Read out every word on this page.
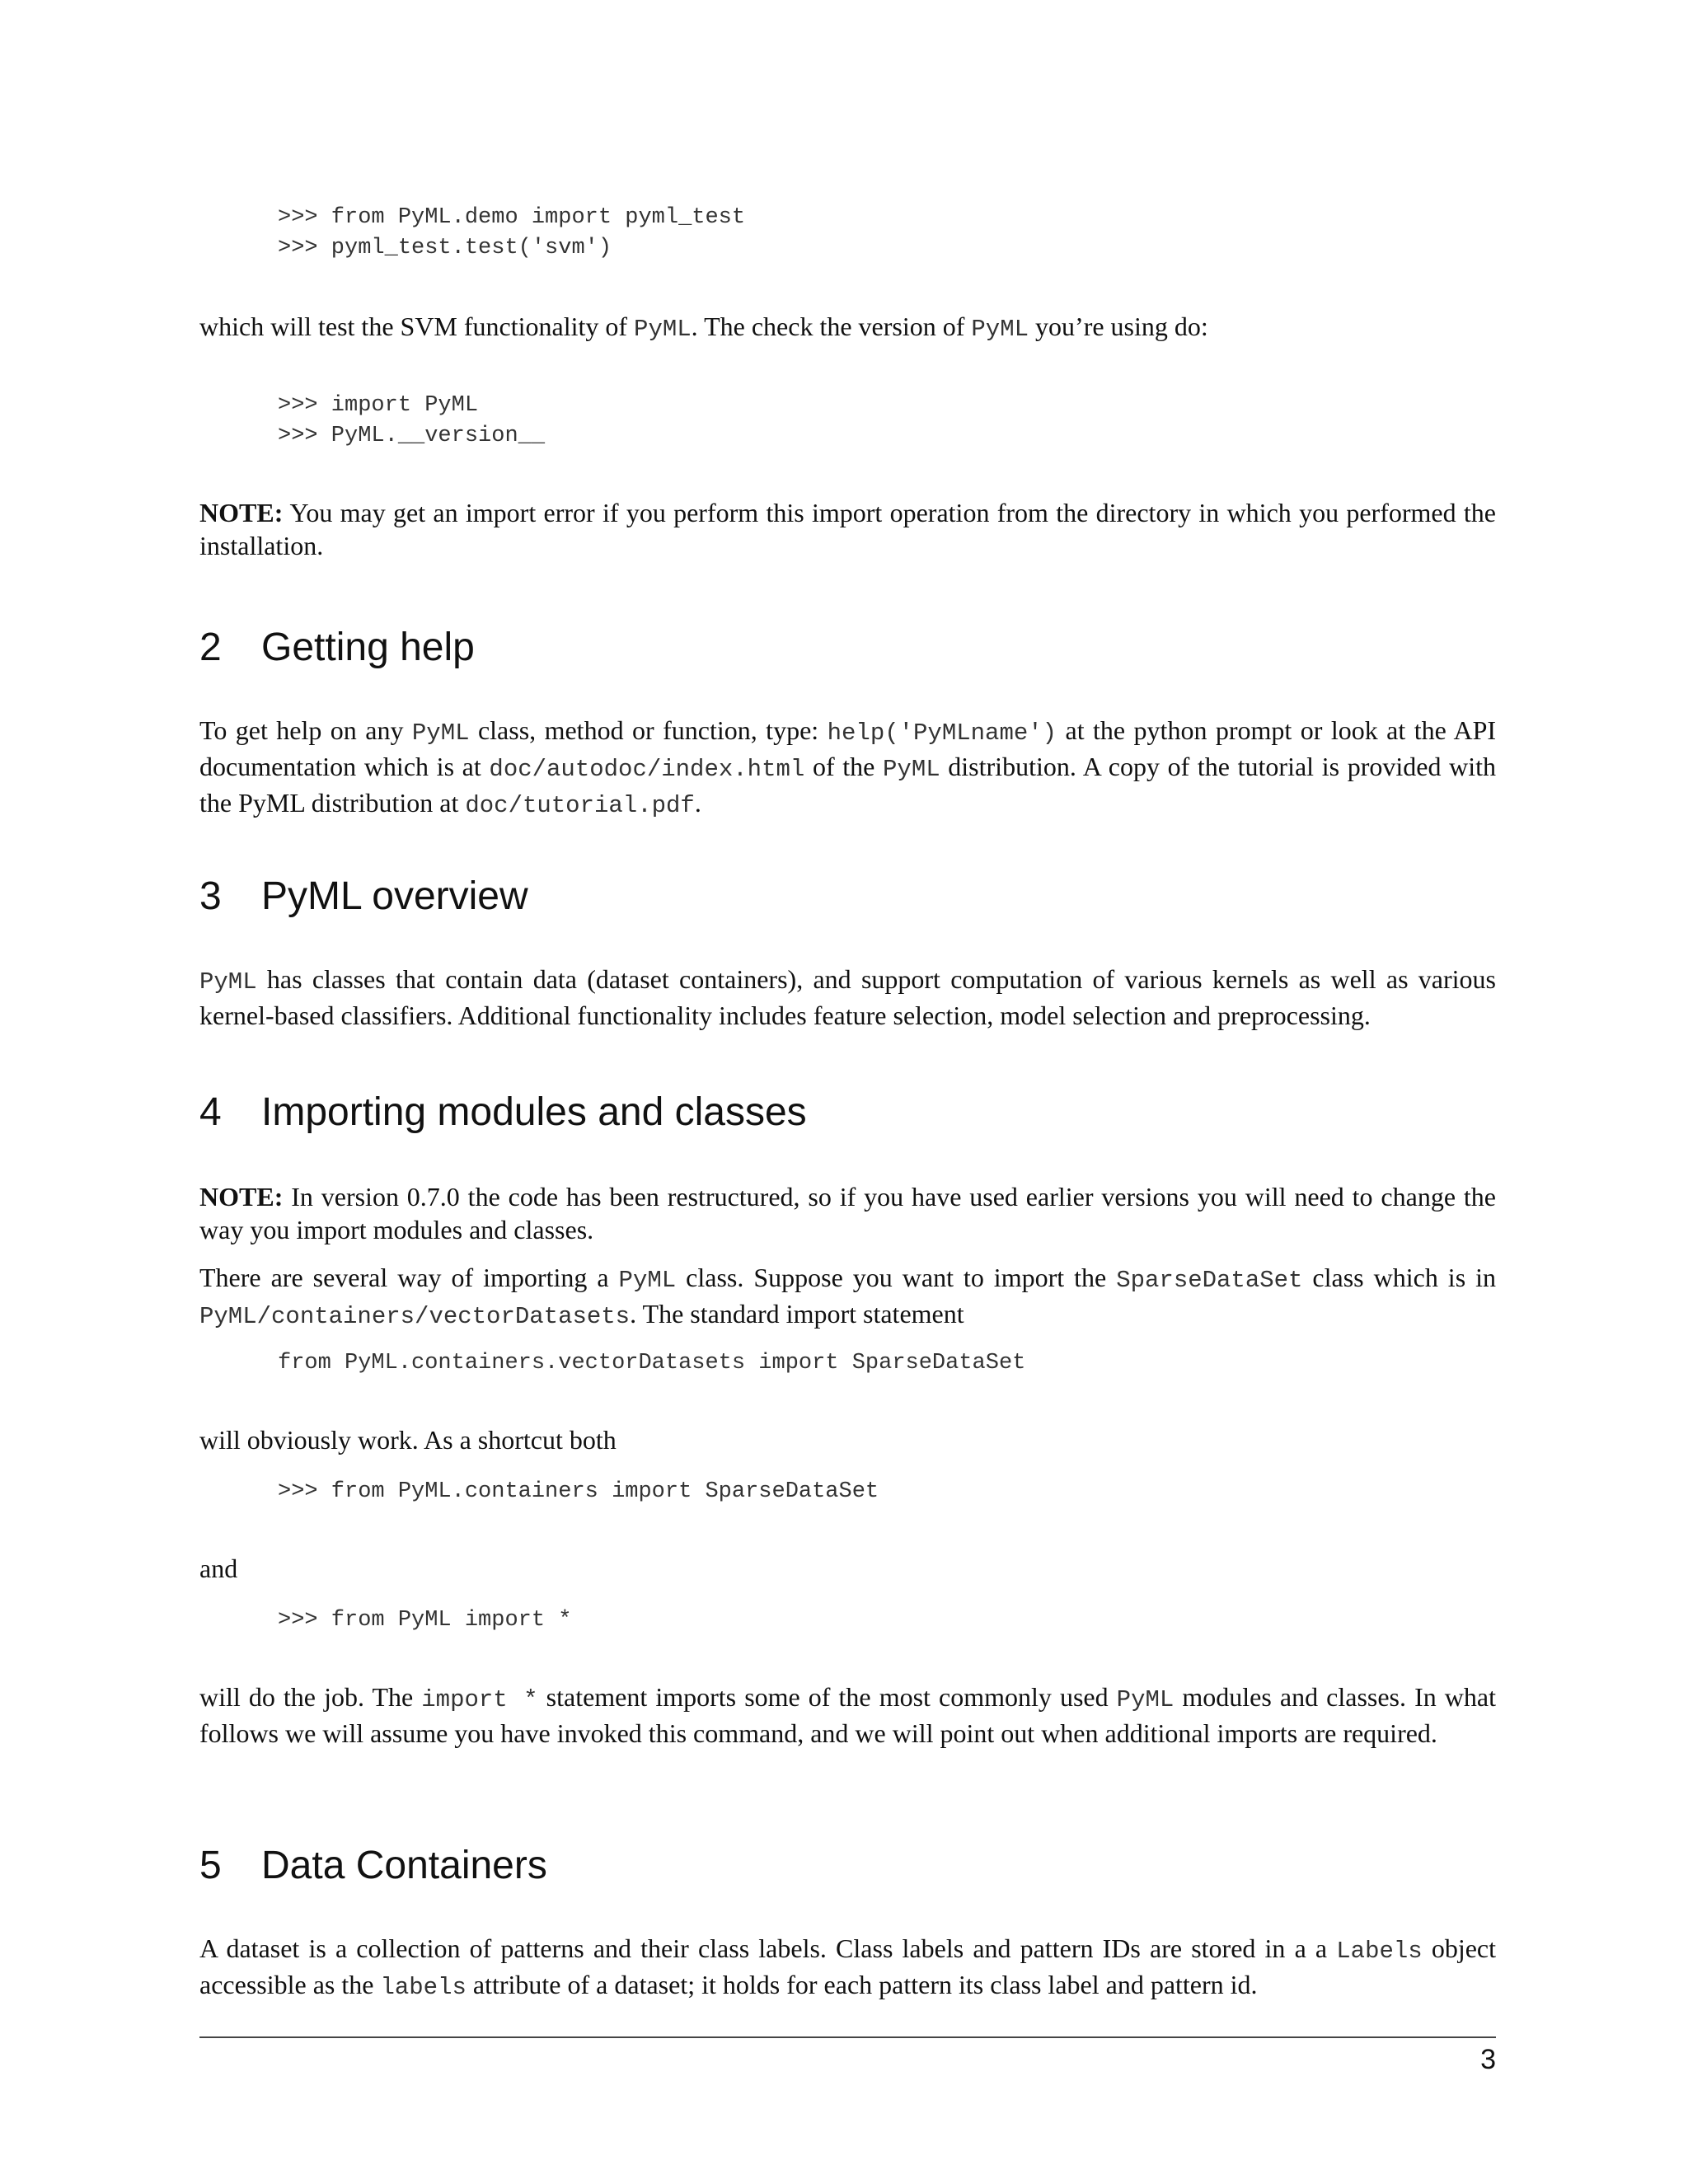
>>> from PyML.demo import pyml_test
>>> pyml_test.test('svm')

which will test the SVM functionality of PyML. The check the version of PyML you’re using do:

>>> import PyML
>>> PyML.__version__

NOTE: You may get an import error if you perform this import operation from the directory in which you performed the installation.

2 Getting help

To get help on any PyML class, method or function, type: help('PyMLname') at the python prompt or look at the API documentation which is at doc/autodoc/index.html of the PyML distribution. A copy of the tutorial is provided with the PyML distribution at doc/tutorial.pdf.

3 PyML overview

PyML has classes that contain data (dataset containers), and support computation of various kernels as well as various kernel-based classifiers. Additional functionality includes feature selection, model selection and preprocessing.

4 Importing modules and classes

NOTE: In version 0.7.0 the code has been restructured, so if you have used earlier versions you will need to change the way you import modules and classes.

There are several way of importing a PyML class. Suppose you want to import the SparseDataSet class which is in PyML/containers/vectorDatasets. The standard import statement

from PyML.containers.vectorDatasets import SparseDataSet

will obviously work. As a shortcut both

>>> from PyML.containers import SparseDataSet

and

>>> from PyML import *

will do the job. The import * statement imports some of the most commonly used PyML modules and classes. In what follows we will assume you have invoked this command, and we will point out when additional imports are required.

5 Data Containers

A dataset is a collection of patterns and their class labels. Class labels and pattern IDs are stored in a a Labels object accessible as the labels attribute of a dataset; it holds for each pattern its class label and pattern id.

3
